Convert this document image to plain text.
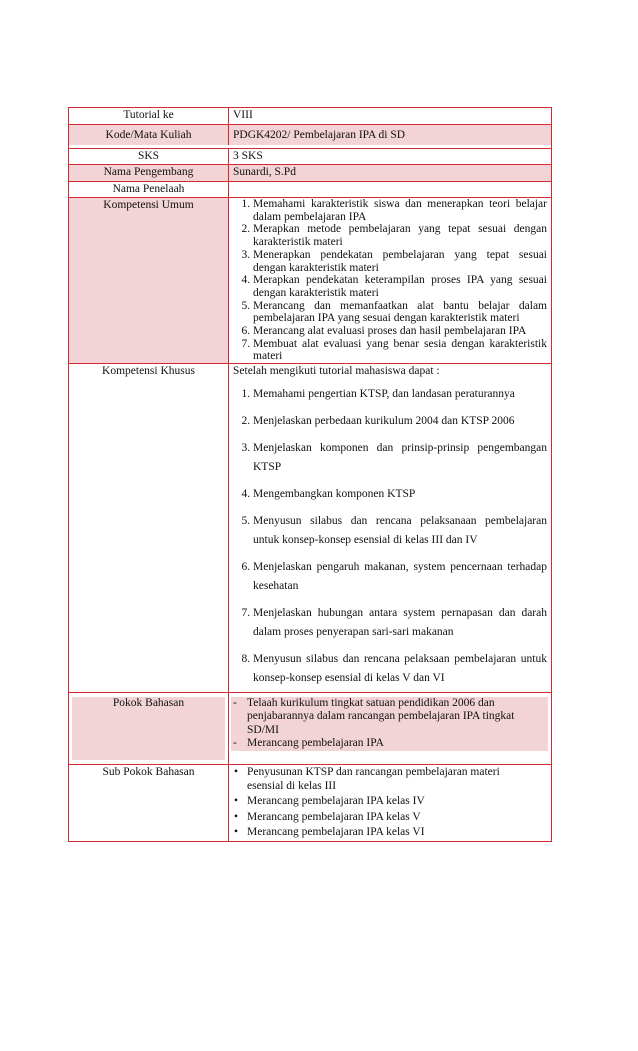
Tutorial ke	VIII
Kode/Mata Kuliah	PDGK4202/ Pembelajaran IPA di SD
SKS	3 SKS
Nama Pengembang	Sunardi, S.Pd
Nama Penelaah
Kompetensi Umum	1. Memahami karakteristik siswa dan menerapkan teori belajar dalam pembelajaran IPA
2. Merapkan metode pembelajaran yang tepat sesuai dengan karakteristik materi
3. Menerapkan pendekatan pembelajaran yang tepat sesuai dengan karakteristik materi
4. Merapkan pendekatan keterampilan proses IPA yang sesuai dengan karakteristik materi
5. Merancang dan memanfaatkan alat bantu belajar dalam pembelajaran IPA yang sesuai dengan karakteristik materi
6. Merancang alat evaluasi proses dan hasil pembelajaran IPA
7. Membuat alat evaluasi yang benar sesia dengan karakteristik materi
Kompetensi Khusus	Setelah mengikuti tutorial mahasiswa dapat :
1. Memahami pengertian KTSP, dan landasan peraturannya
2. Menjelaskan perbedaan kurikulum 2004 dan KTSP 2006
3. Menjelaskan komponen dan prinsip-prinsip pengembangan KTSP
4. Mengembangkan komponen KTSP
5. Menyusun silabus dan rencana pelaksanaan pembelajaran untuk konsep-konsep esensial di kelas III dan IV
6. Menjelaskan pengaruh makanan, system pencernaan terhadap kesehatan
7. Menjelaskan hubungan antara system pernapasan dan darah dalam proses penyerapan sari-sari makanan
8. Menyusun silabus dan rencana pelaksaan pembelajaran untuk konsep-konsep esensial di kelas V dan VI
Pokok Bahasan	- Telaah kurikulum tingkat satuan pendidikan 2006 dan penjabarannya dalam rancangan pembelajaran IPA tingkat SD/MI
- Merancang pembelajaran IPA
Sub Pokok Bahasan	• Penyusunan KTSP dan rancangan pembelajaran materi esensial di kelas III
• Merancang pembelajaran IPA kelas IV
• Merancang pembelajaran IPA kelas V
• Merancang pembelajaran IPA kelas VI
